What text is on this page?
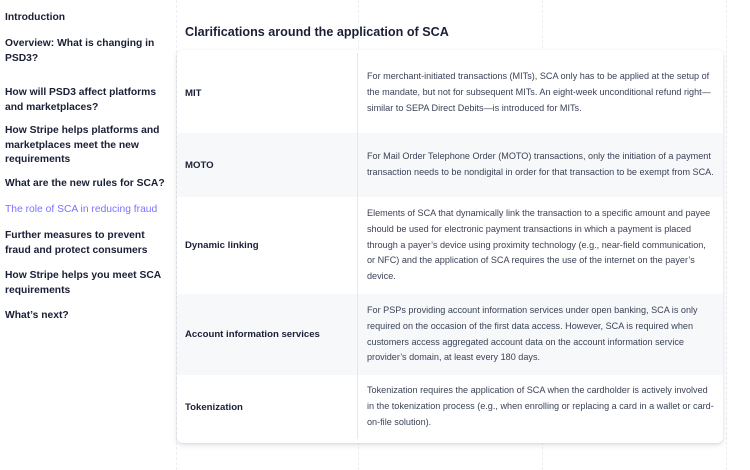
Introduction
Overview: What is changing in PSD3?
How will PSD3 affect platforms and marketplaces?
How Stripe helps platforms and marketplaces meet the new requirements
What are the new rules for SCA?
The role of SCA in reducing fraud
Further measures to prevent fraud and protect consumers
How Stripe helps you meet SCA requirements
What’s next?
Clarifications around the application of SCA
MIT
For merchant-initiated transactions (MITs), SCA only has to be applied at the setup of the mandate, but not for subsequent MITs. An eight-week unconditional refund right—similar to SEPA Direct Debits—is introduced for MITs.
MOTO
For Mail Order Telephone Order (MOTO) transactions, only the initiation of a payment transaction needs to be nondigital in order for that transaction to be exempt from SCA.
Dynamic linking
Elements of SCA that dynamically link the transaction to a specific amount and payee should be used for electronic payment transactions in which a payment is placed through a payer’s device using proximity technology (e.g., near-field communication, or NFC) and the application of SCA requires the use of the internet on the payer’s device.
Account information services
For PSPs providing account information services under open banking, SCA is only required on the occasion of the first data access. However, SCA is required when customers access aggregated account data on the account information service provider’s domain, at least every 180 days.
Tokenization
Tokenization requires the application of SCA when the cardholder is actively involved in the tokenization process (e.g., when enrolling or replacing a card in a wallet or card-on-file solution).
